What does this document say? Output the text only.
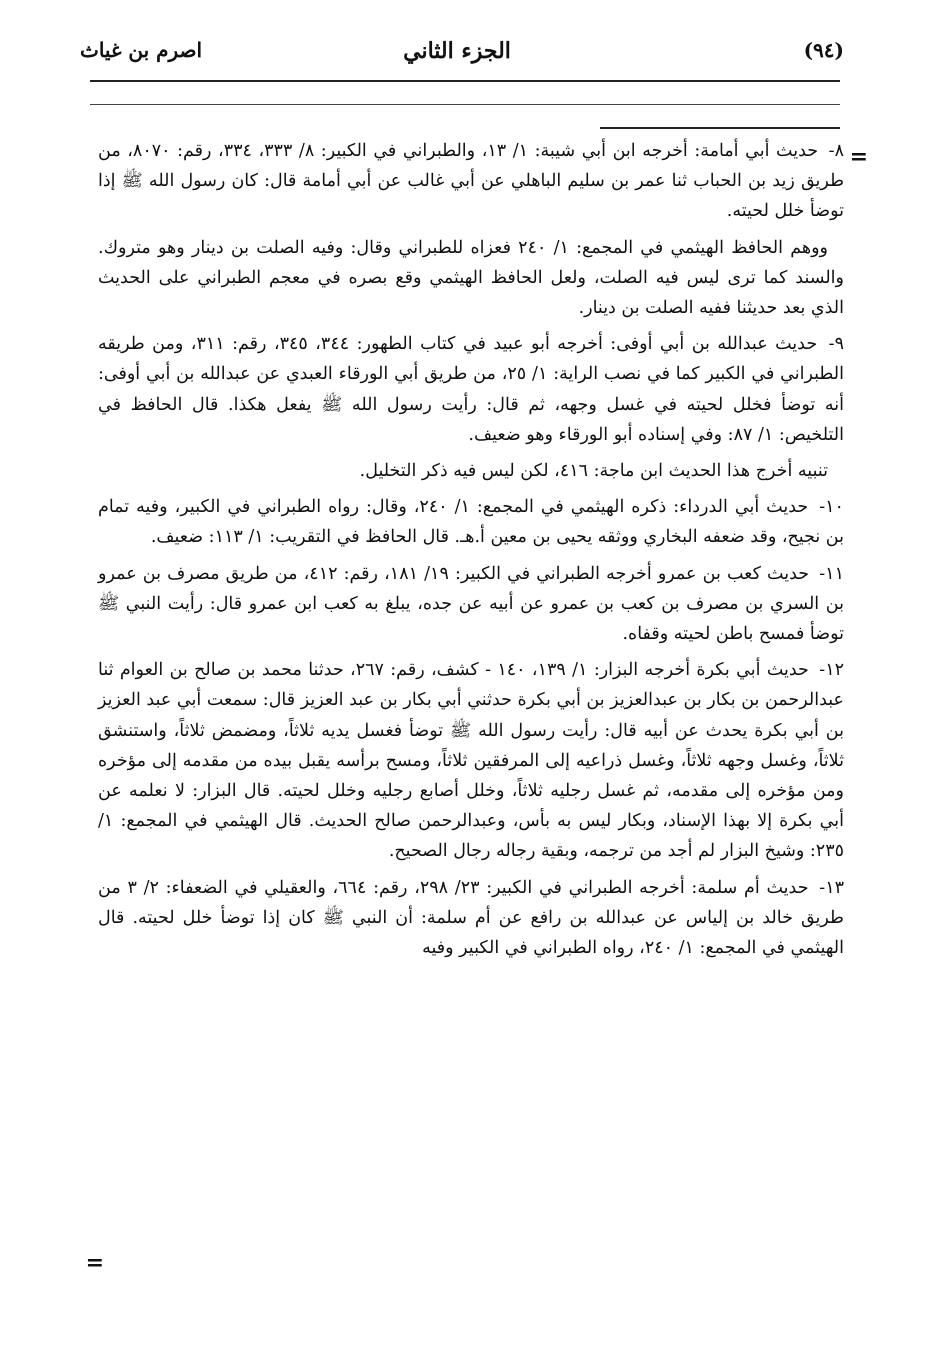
(٩٤)
الجزء الثاني
اصرم بن غياث
=

٨- حديث أبي أمامة: أخرجه ابن أبي شيبة: ١/ ١٣، والطبراني في الكبير: ٨/ ٣٣٣، ٣٣٤، رقم: ٨٠٧٠، من طريق زيد بن الحباب ثنا عمر بن سليم الباهلي عن أبي غالب عن أبي أمامة قال: كان رسول الله ﷺ إذا توضأ خلل لحيته.

ووهم الحافظ الهيثمي في المجمع: ١/ ٢٤٠ فعزاه للطبراني وقال: وفيه الصلت بن دينار وهو متروك. والسند كما ترى ليس فيه الصلت، ولعل الحافظ الهيثمي وقع بصره في معجم الطبراني على الحديث الذي بعد حديثنا ففيه الصلت بن دينار.

٩- حديث عبدالله بن أبي أوفى: أخرجه أبو عبيد في كتاب الطهور: ٣٤٤، ٣٤٥، رقم: ٣١١، ومن طريقه الطبراني في الكبير كما في نصب الراية: ١/ ٢٥، من طريق أبي الورقاء العبدي عن عبدالله بن أبي أوفى: أنه توضأ فخلل لحيته في غسل وجهه، ثم قال: رأيت رسول الله ﷺ يفعل هكذا. قال الحافظ في التلخيص: ١/ ٨٧: وفي إسناده أبو الورقاء وهو ضعيف.

تنبيه أخرج هذا الحديث ابن ماجة: ٤١٦، لكن ليس فيه ذكر التخليل.

١٠- حديث أبي الدرداء: ذكره الهيثمي في المجمع: ١/ ٢٤٠، وقال: رواه الطبراني في الكبير، وفيه تمام بن نجيح، وقد ضعفه البخاري ووثقه يحيى بن معين أ.هـ. قال الحافظ في التقريب: ١/ ١١٣: ضعيف.

١١- حديث كعب بن عمرو أخرجه الطبراني في الكبير: ١٩/ ١٨١، رقم: ٤١٢، من طريق مصرف بن عمرو بن السري بن مصرف بن كعب بن عمرو عن أبيه عن جده، يبلغ به كعب ابن عمرو قال: رأيت النبي ﷺ توضأ فمسح باطن لحيته وقفاه.

١٢- حديث أبي بكرة أخرجه البزار: ١/ ١٣٩، ١٤٠ - كشف، رقم: ٢٦٧، حدثنا محمد بن صالح بن العوام ثنا عبدالرحمن بن بكار بن عبدالعزيز بن أبي بكرة حدثني أبي بكار بن عبد العزيز قال: سمعت أبي عبد العزيز بن أبي بكرة يحدث عن أبيه قال: رأيت رسول الله ﷺ توضأ فغسل يديه ثلاثاً، ومضمض ثلاثاً، واستنشق ثلاثاً، وغسل وجهه ثلاثاً، وغسل ذراعيه إلى المرفقين ثلاثاً، ومسح برأسه يقبل بيده من مقدمه إلى مؤخره ومن مؤخره إلى مقدمه، ثم غسل رجليه ثلاثاً، وخلل أصابع رجليه وخلل لحيته. قال البزار: لا نعلمه عن أبي بكرة إلا بهذا الإسناد، وبكار ليس به بأس، وعبدالرحمن صالح الحديث. قال الهيثمي في المجمع: ١/ ٢٣٥: وشيخ البزار لم أجد من ترجمه، وبقية رجاله رجال الصحيح.

١٣- حديث أم سلمة: أخرجه الطبراني في الكبير: ٢٣/ ٢٩٨، رقم: ٦٦٤، والعقيلي في الضعفاء: ٢/ ٣ من طريق خالد بن إلياس عن عبدالله بن رافع عن أم سلمة: أن النبي ﷺ كان إذا توضأ خلل لحيته. قال الهيثمي في المجمع: ١/ ٢٤٠، رواه الطبراني في الكبير وفيه

=
